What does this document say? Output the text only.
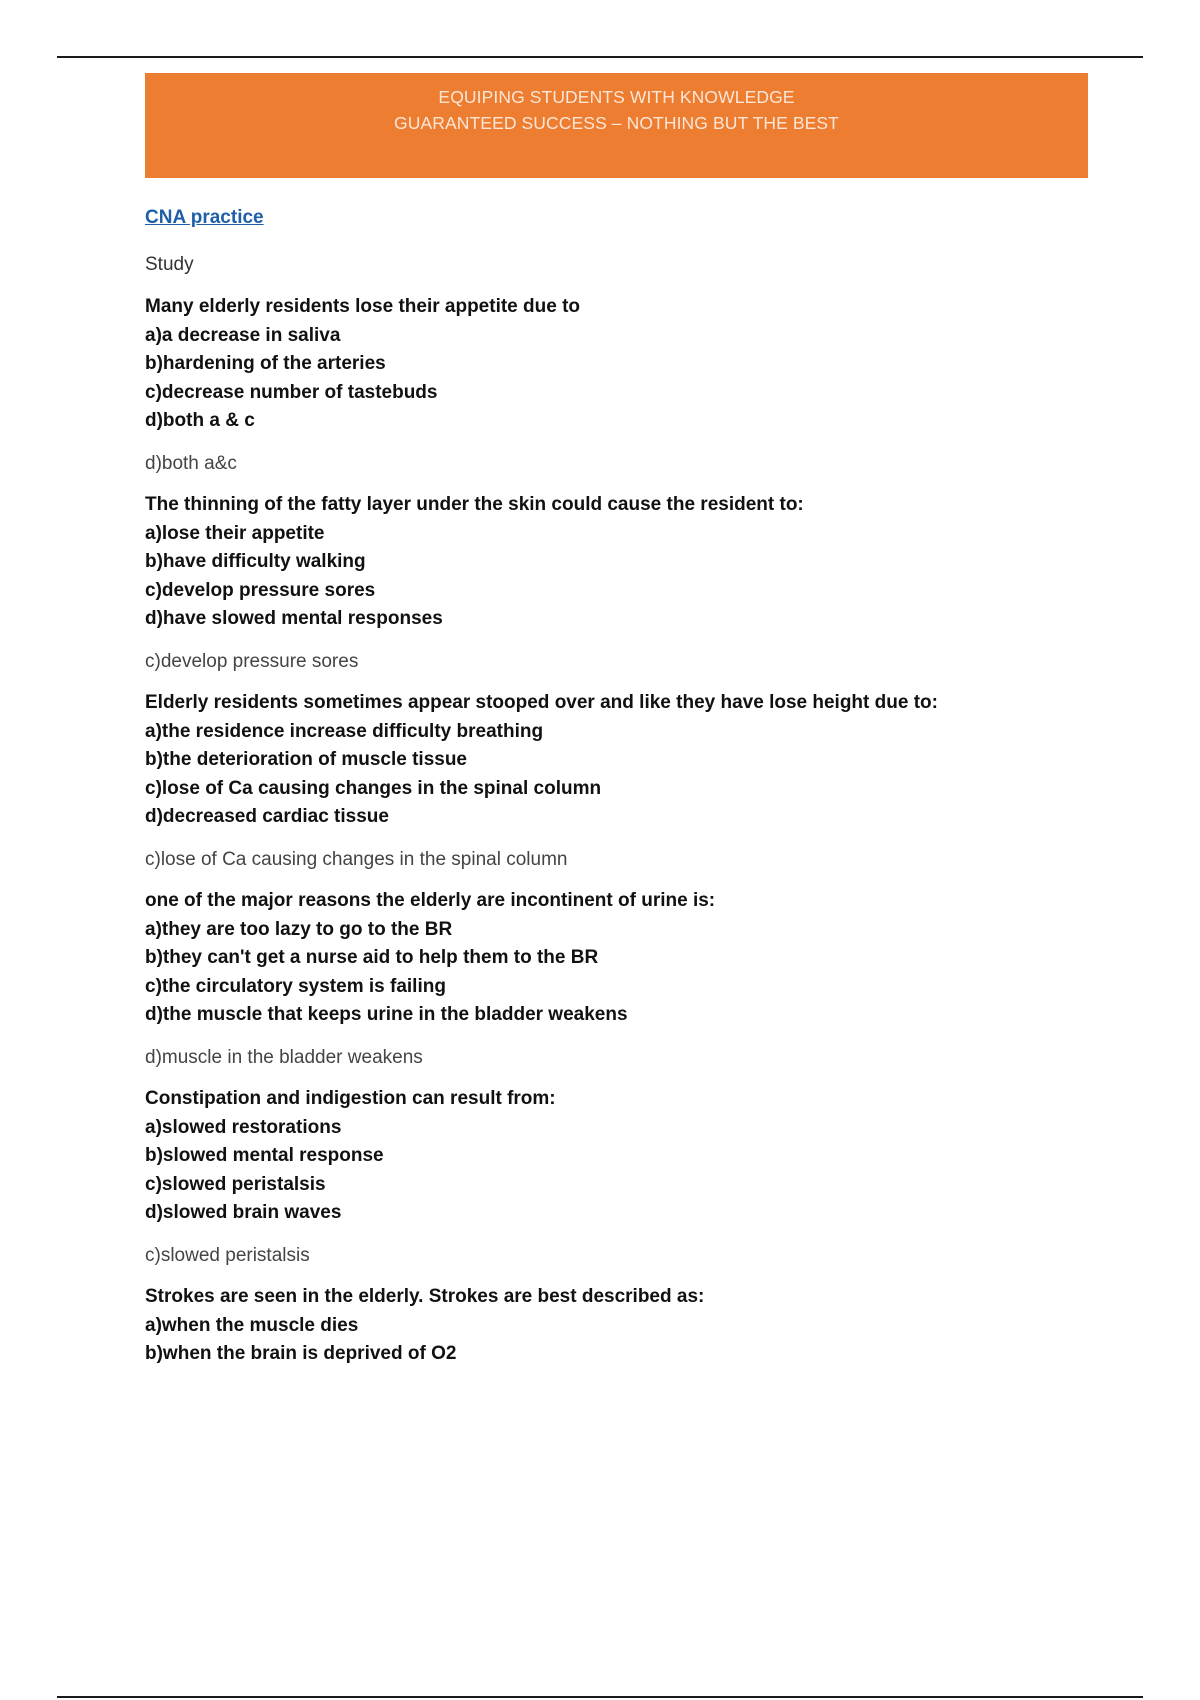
EQUIPING STUDENTS WITH KNOWLEDGE
GUARANTEED SUCCESS – NOTHING BUT THE BEST
CNA practice
Study
Many elderly residents lose their appetite due to
a)a decrease in saliva
b)hardening of the arteries
c)decrease number of tastebuds
d)both a & c
d)both a&c
The thinning of the fatty layer under the skin could cause the resident to:
a)lose their appetite
b)have difficulty walking
c)develop pressure sores
d)have slowed mental responses
c)develop pressure sores
Elderly residents sometimes appear stooped over and like they have lose height due to:
a)the residence increase difficulty breathing
b)the deterioration of muscle tissue
c)lose of Ca causing changes in the spinal column
d)decreased cardiac tissue
c)lose of Ca causing changes in the spinal column
one of the major reasons the elderly are incontinent of urine is:
a)they are too lazy to go to the BR
b)they can't get a nurse aid to help them to the BR
c)the circulatory system is failing
d)the muscle that keeps urine in the bladder weakens
d)muscle in the bladder weakens
Constipation and indigestion can result from:
a)slowed restorations
b)slowed mental response
c)slowed peristalsis
d)slowed brain waves
c)slowed peristalsis
Strokes are seen in the elderly. Strokes are best described as:
a)when the muscle dies
b)when the brain is deprived of O2
